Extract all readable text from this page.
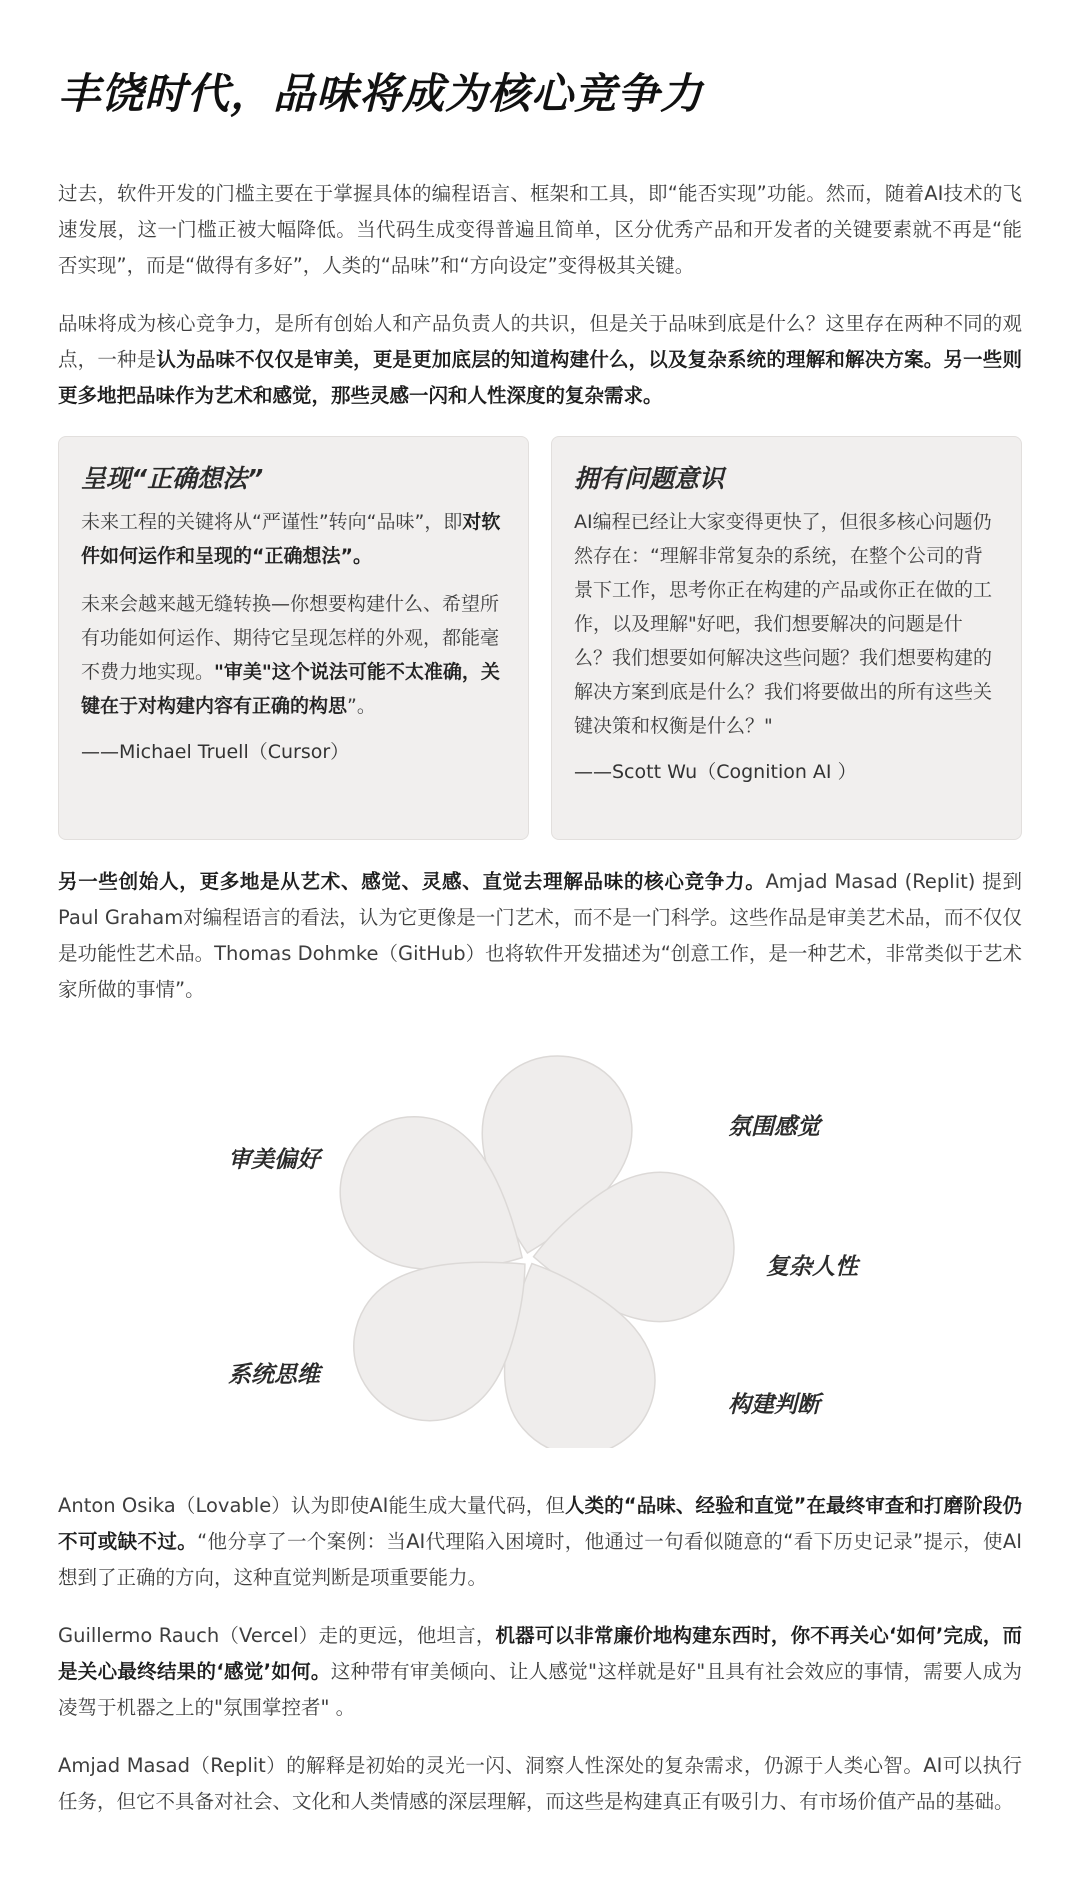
丰饶时代，品味将成为核心竞争力

过去，软件开发的门槛主要在于掌握具体的编程语言、框架和工具，即“能否实现”功能。然而，随着AI技术的飞速发展，这一门槛正被大幅降低。当代码生成变得普遍且简单，区分优秀产品和开发者的关键要素就不再是“能否实现”，而是“做得有多好”，人类的“品味”和“方向设定”变得极其关键。

品味将成为核心竞争力，是所有创始人和产品负责人的共识，但是关于品味到底是什么？这里存在两种不同的观点，一种是认为品味不仅仅是审美，更是更加底层的知道构建什么，以及复杂系统的理解和解决方案。另一些则更多地把品味作为艺术和感觉，那些灵感一闪和人性深度的复杂需求。

呈现“正确想法”

未来工程的关键将从“严谨性”转向“品味”，即对软件如何运作和呈现的“正确想法”。

未来会越来越无缝转换—你想要构建什么、希望所有功能如何运作、期待它呈现怎样的外观，都能毫不费力地实现。"审美"这个说法可能不太准确，关键在于对构建内容有正确的构思”。

——Michael Truell（Cursor）
拥有问题意识

AI编程已经让大家变得更快了，但很多核心问题仍然存在：“理解非常复杂的系统，在整个公司的背景下工作，思考你正在构建的产品或你正在做的工作，以及理解"好吧，我们想要解决的问题是什么？我们想要如何解决这些问题？我们想要构建的解决方案到底是什么？我们将要做出的所有这些关键决策和权衡是什么？"

——Scott Wu（Cognition AI ）

另一些创始人，更多地是从艺术、感觉、灵感、直觉去理解品味的核心竞争力。Amjad Masad (Replit) 提到Paul Graham对编程语言的看法，认为它更像是一门艺术，而不是一门科学。这些作品是审美艺术品，而不仅仅是功能性艺术品。Thomas Dohmke（GitHub）也将软件开发描述为“创意工作，是一种艺术，非常类似于艺术家所做的事情”。

审美偏好
氛围感觉
复杂人性
系统思维
构建判断

Anton Osika（Lovable）认为即使AI能生成大量代码，但人类的“品味、经验和直觉”在最终审查和打磨阶段仍不可或缺不过。“他分享了一个案例：当AI代理陷入困境时，他通过一句看似随意的“看下历史记录”提示，使AI想到了正确的方向，这种直觉判断是项重要能力。

Guillermo Rauch（Vercel）走的更远，他坦言，机器可以非常廉价地构建东西时，你不再关心‘如何’完成，而是关心最终结果的‘感觉’如何。这种带有审美倾向、让人感觉"这样就是好"且具有社会效应的事情，需要人成为凌驾于机器之上的"氛围掌控者" 。

Amjad Masad（Replit）的解释是初始的灵光一闪、洞察人性深处的复杂需求，仍源于人类心智。AI可以执行任务，但它不具备对社会、文化和人类情感的深层理解，而这些是构建真正有吸引力、有市场价值产品的基础。
